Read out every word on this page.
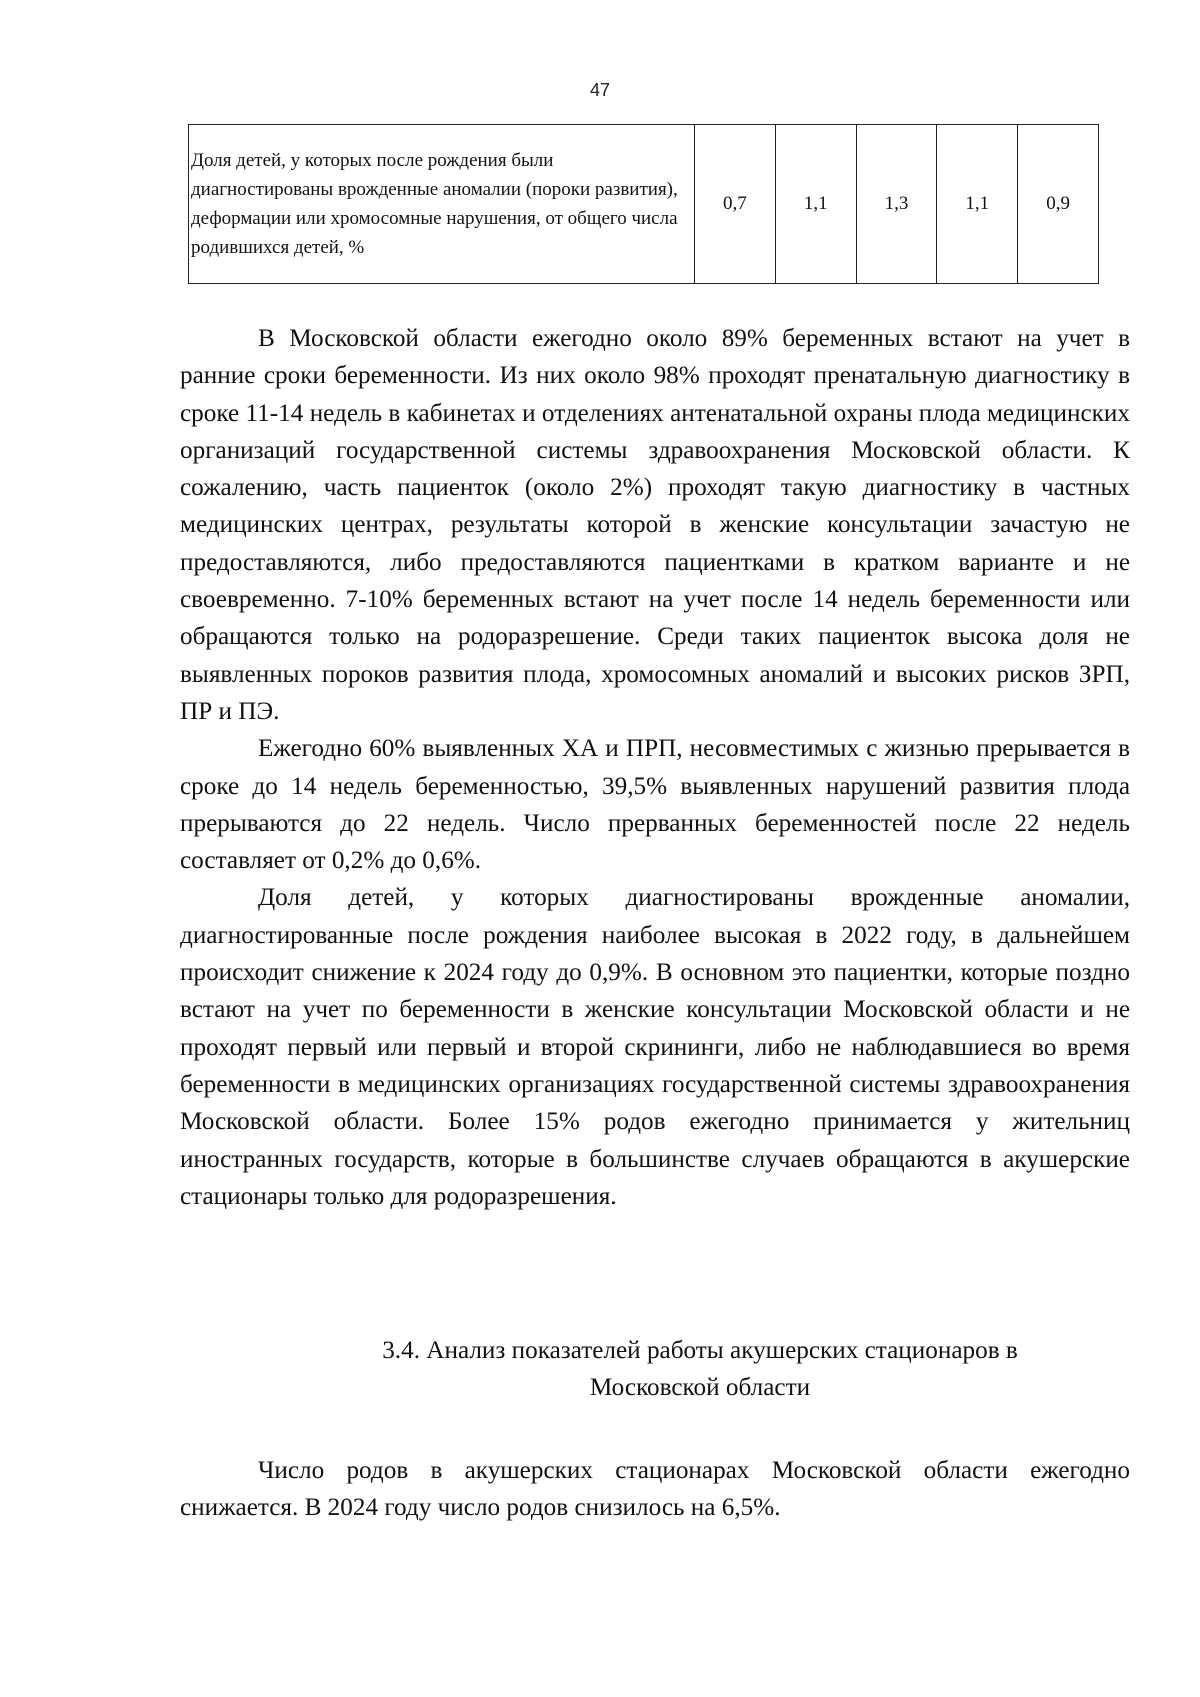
47
Доля детей, у которых после рождения были диагностированы врожденные аномалии (пороки развития), деформации или хромосомные нарушения, от общего числа родившихся детей, %	0,7	1,1	1,3	1,1	0,9

В Московской области ежегодно около 89% беременных встают на учет в ранние сроки беременности. Из них около 98% проходят пренатальную диагностику в сроке 11-14 недель в кабинетах и отделениях антенатальной охраны плода медицинских организаций государственной системы здравоохранения Московской области. К сожалению, часть пациенток (около 2%) проходят такую диагностику в частных медицинских центрах, результаты которой в женские консультации зачастую не предоставляются, либо предоставляются пациентками в кратком варианте и не своевременно. 7-10% беременных встают на учет после 14 недель беременности или обращаются только на родоразрешение. Среди таких пациенток высока доля не выявленных пороков развития плода, хромосомных аномалий и высоких рисков ЗРП, ПР и ПЭ.

Ежегодно 60% выявленных ХА и ПРП, несовместимых с жизнью прерывается в сроке до 14 недель беременностью, 39,5% выявленных нарушений развития плода прерываются до 22 недель. Число прерванных беременностей после 22 недель составляет от 0,2% до 0,6%.

Доля детей, у которых диагностированы врожденные аномалии, диагностированные после рождения наиболее высокая в 2022 году, в дальнейшем происходит снижение к 2024 году до 0,9%. В основном это пациентки, которые поздно встают на учет по беременности в женские консультации Московской области и не проходят первый или первый и второй скрининги, либо не наблюдавшиеся во время беременности в медицинских организациях государственной системы здравоохранения Московской области. Более 15% родов ежегодно принимается у жительниц иностранных государств, которые в большинстве случаев обращаются в акушерские стационары только для родоразрешения.

3.4. Анализ показателей работы акушерских стационаров в
Московской области

Число родов в акушерских стационарах Московской области ежегодно снижается. В 2024 году число родов снизилось на 6,5%.
